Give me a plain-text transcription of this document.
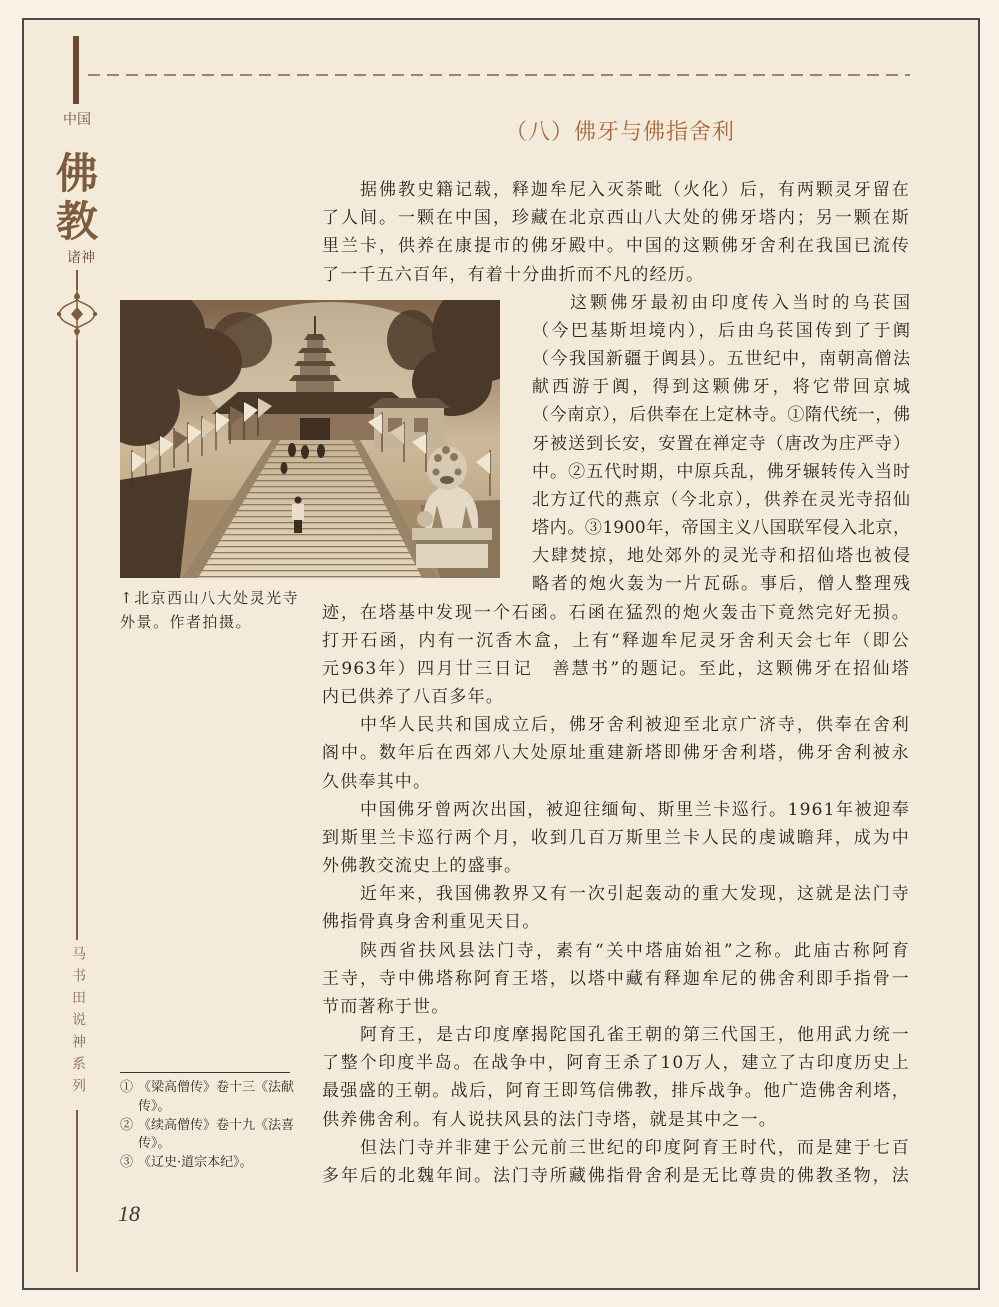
中国
佛
教
诸神
马书田说神系列
（八）佛牙与佛指舍利
↑北京西山八大处灵光寺
外景。作者拍摄。
据佛教史籍记载，释迦牟尼入灭荼毗（火化）后，有两颗灵牙留在
了人间。一颗在中国，珍藏在北京西山八大处的佛牙塔内；另一颗在斯
里兰卡，供养在康提市的佛牙殿中。中国的这颗佛牙舍利在我国已流传
了一千五六百年，有着十分曲折而不凡的经历。
这颗佛牙最初由印度传入当时的乌苌国
（今巴基斯坦境内），后由乌苌国传到了于阗
（今我国新疆于阗县）。五世纪中，南朝高僧法
献西游于阗，得到这颗佛牙，将它带回京城
（今南京），后供奉在上定林寺。①隋代统一，佛
牙被送到长安，安置在禅定寺（唐改为庄严寺）
中。②五代时期，中原兵乱，佛牙辗转传入当时
北方辽代的燕京（今北京），供养在灵光寺招仙
塔内。③1900年，帝国主义八国联军侵入北京，
大肆焚掠，地处郊外的灵光寺和招仙塔也被侵
略者的炮火轰为一片瓦砾。事后，僧人整理残
迹，在塔基中发现一个石函。石函在猛烈的炮火轰击下竟然完好无损。
打开石函，内有一沉香木盒，上有“释迦牟尼灵牙舍利天会七年（即公
元963年）四月廿三日记　善慧书”的题记。至此，这颗佛牙在招仙塔
内已供养了八百多年。
中华人民共和国成立后，佛牙舍利被迎至北京广济寺，供奉在舍利
阁中。数年后在西郊八大处原址重建新塔即佛牙舍利塔，佛牙舍利被永
久供奉其中。
中国佛牙曾两次出国，被迎往缅甸、斯里兰卡巡行。1961年被迎奉
到斯里兰卡巡行两个月，收到几百万斯里兰卡人民的虔诚瞻拜，成为中
外佛教交流史上的盛事。
近年来，我国佛教界又有一次引起轰动的重大发现，这就是法门寺
佛指骨真身舍利重见天日。
陕西省扶风县法门寺，素有“关中塔庙始祖”之称。此庙古称阿育
王寺，寺中佛塔称阿育王塔，以塔中藏有释迦牟尼的佛舍利即手指骨一
节而著称于世。
阿育王，是古印度摩揭陀国孔雀王朝的第三代国王，他用武力统一
了整个印度半岛。在战争中，阿育王杀了10万人，建立了古印度历史上
最强盛的王朝。战后，阿育王即笃信佛教，排斥战争。他广造佛舍利塔，
供养佛舍利。有人说扶风县的法门寺塔，就是其中之一。
但法门寺并非建于公元前三世纪的印度阿育王时代，而是建于七百
多年后的北魏年间。法门寺所藏佛指骨舍利是无比尊贵的佛教圣物，法
① 《梁高僧传》卷十三《法献
传》。
② 《续高僧传》卷十九《法喜
传》。
③ 《辽史·道宗本纪》。
18
